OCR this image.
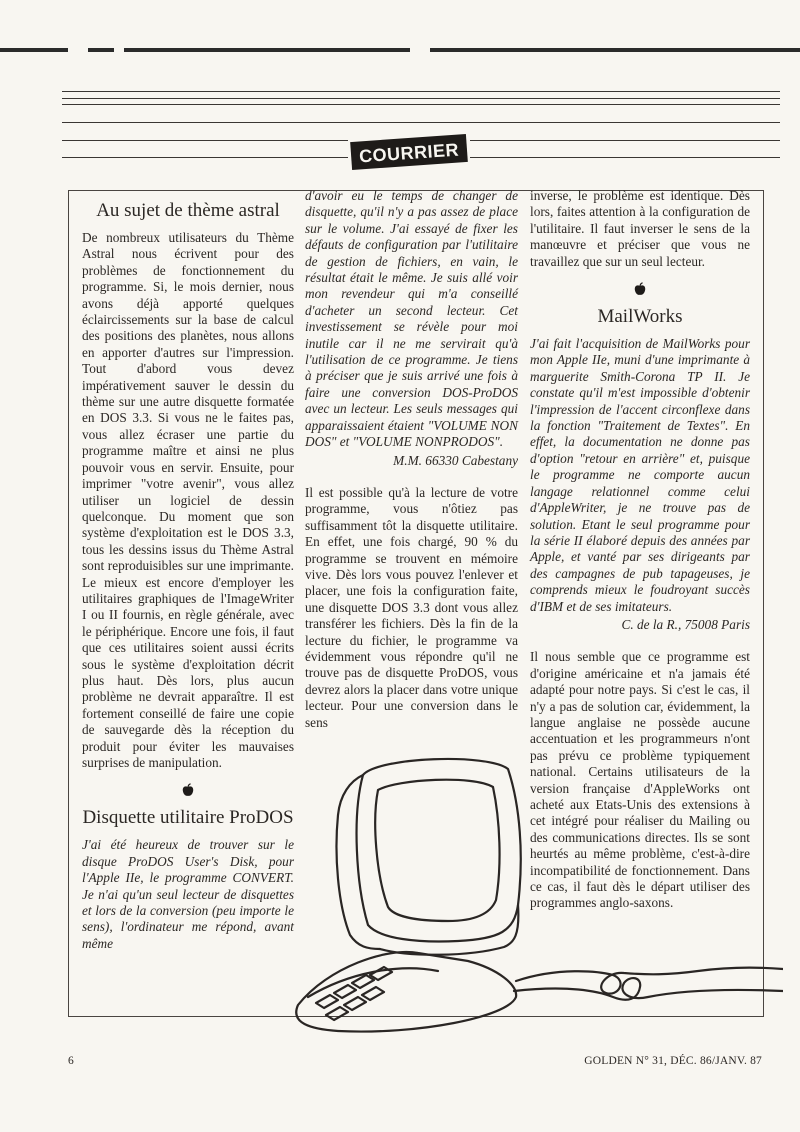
COURRIER
Au sujet de thème astral

De nombreux utilisateurs du Thème Astral nous écrivent pour des problèmes de fonctionnement du programme. Si, le mois dernier, nous avons déjà apporté quelques éclaircissements sur la base de calcul des positions des planètes, nous allons en apporter d'autres sur l'impression. Tout d'abord vous devez impérativement sauver le dessin du thème sur une autre disquette formatée en DOS 3.3. Si vous ne le faites pas, vous allez écraser une partie du programme maître et ainsi ne plus pouvoir vous en servir. Ensuite, pour imprimer "votre avenir", vous allez utiliser un logiciel de dessin quelconque. Du moment que son système d'exploitation est le DOS 3.3, tous les dessins issus du Thème Astral sont reproduisibles sur une imprimante. Le mieux est encore d'employer les utilitaires graphiques de l'ImageWriter I ou II fournis, en règle générale, avec le périphérique. Encore une fois, il faut que ces utilitaires soient aussi écrits sous le système d'exploitation décrit plus haut. Dès lors, plus aucun problème ne devrait apparaître. Il est fortement conseillé de faire une copie de sauvegarde dès la réception du produit pour éviter les mauvaises surprises de manipulation.

Disquette utilitaire ProDOS

J'ai été heureux de trouver sur le disque ProDOS User's Disk, pour l'Apple IIe, le programme CONVERT. Je n'ai qu'un seul lecteur de disquettes et lors de la conversion (peu importe le sens), l'ordinateur me répond, avant même

d'avoir eu le temps de changer de disquette, qu'il n'y a pas assez de place sur le volume. J'ai essayé de fixer les défauts de configuration par l'utilitaire de gestion de fichiers, en vain, le résultat était le même. Je suis allé voir mon revendeur qui m'a conseillé d'acheter un second lecteur. Cet investissement se révèle pour moi inutile car il ne me servirait qu'à l'utilisation de ce programme. Je tiens à préciser que je suis arrivé une fois à faire une conversion DOS-ProDOS avec un lecteur. Les seuls messages qui apparaissaient étaient "VOLUME NON DOS" et "VOLUME NONPRODOS".

M.M. 66330 Cabestany

Il est possible qu'à la lecture de votre programme, vous n'ôtiez pas suffisamment tôt la disquette utilitaire. En effet, une fois chargé, 90 % du programme se trouvent en mémoire vive. Dès lors vous pouvez l'enlever et placer, une fois la configuration faite, une disquette DOS 3.3 dont vous allez transférer les fichiers. Dès la fin de la lecture du fichier, le programme va évidemment vous répondre qu'il ne trouve pas de disquette ProDOS, vous devrez alors la placer dans votre unique lecteur. Pour une conversion dans le sens

inverse, le problème est identique. Dès lors, faites attention à la configuration de l'utilitaire. Il faut inverser le sens de la manœuvre et préciser que vous ne travaillez que sur un seul lecteur.

MailWorks

J'ai fait l'acquisition de MailWorks pour mon Apple IIe, muni d'une imprimante à marguerite Smith-Corona TP II. Je constate qu'il m'est impossible d'obtenir l'impression de l'accent circonflexe dans la fonction "Traitement de Textes". En effet, la documentation ne donne pas d'option "retour en arrière" et, puisque le programme ne comporte aucun langage relationnel comme celui d'AppleWriter, je ne trouve pas de solution. Etant le seul programme pour la série II élaboré depuis des années par Apple, et vanté par ses dirigeants par des campagnes de pub tapageuses, je comprends mieux le foudroyant succès d'IBM et de ses imitateurs.

C. de la R., 75008 Paris

Il nous semble que ce programme est d'origine américaine et n'a jamais été adapté pour notre pays. Si c'est le cas, il n'y a pas de solution car, évidemment, la langue anglaise ne possède aucune accentuation et les programmeurs n'ont pas prévu ce problème typiquement national. Certains utilisateurs de la version française d'AppleWorks ont acheté aux Etats-Unis des extensions à cet intégré pour réaliser du Mailing ou des communications directes. Ils se sont heurtés au même problème, c'est-à-dire incompatibilité de fonctionnement. Dans ce cas, il faut dès le départ utiliser des programmes anglo-saxons.

6	GOLDEN N° 31, DÉC. 86/JANV. 87
